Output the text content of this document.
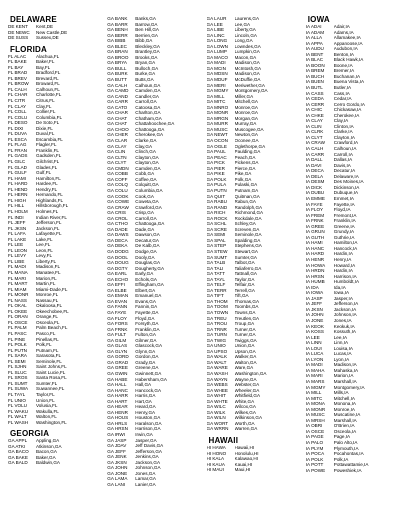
DELAWARE
DE KENT	Kent,DE
DE NEWC	New Castle,DE
DE SUSS	Sussex,DE
FLORIDA
FL ALAC	Alachua,FL
FL BAKE	Baker,FL
FL BAY	Bay,FL
FL BRAD	Bradford,FL
FL BREV	Brevard,FL
FL BROW	Broward,FL
FL CALH	Calhoun,FL
FL CHAR	Charlotte,FL
FL CITR	Citrus,FL
FL CLAY	Clay,FL
FL COLL	Collier,FL
FL COLU	Columbia,FL
FL DESO	De Soto,FL
FL DIXI	Dixie,FL
FL DUVA	Duval,FL
FL ESCA	Escambia,FL
FL FLAG	Flagler,FL
FL FRAN	Franklin,FL
FL GADS	Gadsden,FL
FL GILC	Gilchrist,FL
FL GLAD	Glades,FL
FL GULF	Gulf,FL
FL HAMI	Hamilton,FL
FL HARD	Hardee,FL
FL HEND	Hendry,FL
FL HERN	Hernando,FL
FL HIGH	Highlands,FL
FL HILL	Hillsborough,FL
FL HOLM	Holmes,FL
FL INDI	Indian River,FL
FL JEFF	Jefferson,FL
FL JKSN	Jackson,FL
FL LAFA	Lafayette,FL
FL LAKE	Lake,FL
FL LEE	Lee,FL
FL LEON	Leon,FL
FL LEVY	Levy,FL
FL LIBE	Liberty,FL
FL MADI	Madison,FL
FL MANA	Manatee,FL
FL MARI	Marion,FL
FL MART	Martin,FL
FL MIAM	Miami-Dade,FL
FL MONR	Monroe,FL
FL NASS	Nassau,FL
FL OKAL	Okaloosa,FL
FL OKEE	Okeechobee,FL
FL ORAN	Orange,FL
FL OSCE	Osceola,FL
FL PALM	Palm Beach,FL
FL PASC	Pasco,FL
FL PINE	Pinellas,FL
FL POLK	Polk,FL
FL PUTN	Putnam,FL
FL SARA	Sarasota,FL
FL SEMI	Seminole,FL
FL SJHN	Saint Johns,FL
FL SLUC	Saint Lucie,FL
FL SROS	Santa Rosa,FL
FL SUMT	Sumter,FL
FL SUWA	Suwannee,FL
FL TAYL	Taylor,FL
FL UNIO	Union,FL
FL VOLU	Volusia,FL
FL WAKU	Wakulla,FL
FL WALT	Walton,FL
FL WASH	Washington,FL
GEORGIA
GA APPL	Appling,GA
GA ATKI	Atkinson,GA
GA BACO	Bacon,GA
GA BAKE	Baker,GA
GA BALD	Baldwin,GA
GA BANK	Banks,GA
GA BARR	Barrow,GA
GA BENH	Ben Hill,GA
GA BERR	Berrien,GA
GA BIBB	Bibb,GA
GA BLEC	Bleckley,GA
GA BRAN	Brantley,GA
GA BROO	Brooks,GA
GA BRYA	Bryan,GA
GA BULL	Bulloch,GA
GA BURK	Burke,GA
GA BUTT	Butts,GA
GA CALH	Calhoun,GA
GA CAMD	Camden,GA
GA CAND	Candler,GA
GA CARR	Carroll,GA
GA CATO	Catoosa,GA
GA CHAR	Charlton,GA
GA CHAT	Chatham,GA
GA CHAT	Chattahoochee,GA
GA CHOO	Chattooga,GA
GA CHER	Cherokee,GA
GA CLAR	Clarke,GA
GA CLAY	Clay,GA
GA CLIN	Clinch,GA
GA CLTN	Clayton,GA
GA CLYT	Clayton,GA
GA CMDN	Camden,GA
GA COBB	Cobb,GA
GA COFF	Coffee,GA
GA COLQ	Colquitt,GA
GA COLU	Columbia,GA
GA COOK	Cook,GA
GA COWE	Coweta,GA
GA CRAW	Crawford,GA
GA CRIS	Crisp,GA
GA CROL	Carroll,GA
GA CTHO	Chattooga,GA
GA DADE	Dade,GA
GA DAWS	Dawson,GA
GA DECA	Decatur,GA
GA DEKA	De Kalb,GA
GA DODG	Dodge,GA
GA DOOL	Dooly,GA
GA DOUG	Douglas,GA
GA DGTY	Dougherty,GA
GA EARL	Early,GA
GA ECHO	Echols,GA
GA EFFI	Effingham,GA
GA ELBE	Elbert,GA
GA EMAN	Emanuel,GA
GA EVAN	Evans,GA
GA FANN	Fannin,GA
GA FAYE	Fayette,GA
GA FLOY	Floyd,GA
GA FORS	Forsyth,GA
GA FRNK	Franklin,GA
GA FULT	Fulton,GA
GA GILM	Gilmer,GA
GA GLAS	Glascock,GA
GA GLYN	Glynn,GA
GA GORD	Gordon,GA
GA GRAD	Grady,GA
GA GREE	Greene,GA
GA GWIN	Gwinnett,GA
GA HABE	Habersham,GA
GA HALL	Hall,GA
GA HANC	Hancock,GA
GA HARR	Harris,GA
GA HART	Hart,GA
GA HEAR	Heard,GA
GA HENR	Henry,GA
GA HOUS	Houston,GA
GA HRLS	Haralson,GA
GA HRSN	Harrison,GA
GA IRWI	Irwin,GA
GA JASP	Jasper,GA
GA JDAV	Jeff Davis,GA
GA JEFF	Jefferson,GA
GA JENK	Jenkins,GA
GA JKSN	Jackson,GA
GA JOHN	Johnson,GA
GA JONE	Jones,GA
GA LAMA	Lamar,GA
GA LANI	Lanier,GA
GA LAUR	Laurens,GA
GA LEE	Lee,GA
GA LIBE	Liberty,GA
GA LINC	Lincoln,GA
GA LONG	Long,GA
GA LOWN	Lowndes,GA
GA LUMP	Lumpkin,GA
GA MACO	Macon,GA
GA MADI	Madison,GA
GA MCIN	McIntosh,GA
GA MDSN	Madison,GA
GA MDUF	McDuffie,GA
GA MERI	Meriwether,GA
GA MGMY	Montgomery,GA
GA MILL	Miller,GA
GA MITC	Mitchell,GA
GA MNRO	Monroe,GA
GA MONR	Monroe,GA
GA MRGN	Morgan,GA
GA MURR	Murray,GA
GA MUSC	Muscogee,GA
GA NEWT	Newton,GA
GA OCON	Oconee,GA
GA OGLE	Oglethorpe,GA
GA PAUL	Paulding,GA
GA PEAC	Peach,GA
GA PICK	Pickens,GA
GA PIER	Pierce,GA
GA PIKE	Pike,GA
GA POLK	Polk,GA
GA PULA	Pulaski,GA
GA PUTN	Putnam,GA
GA QUIT	Quitman,GA
GA RABU	Rabun,GA
GA RAND	Randolph,GA
GA RICH	Richmond,GA
GA ROCK	Rockdale,GA
GA SCHL	Schley,GA
GA SCRE	Screven,GA
GA SEMI	Seminole,GA
GA SPAL	Spalding,GA
GA STEP	Stephens,GA
GA STEW	Stewart,GA
GA SUMT	Sumter,GA
GA TALB	Talbot,GA
GA TALI	Taliaferro,GA
GA TATT	Tattnall,GA
GA TAYL	Taylor,GA
GA TELF	Telfair,GA
GA TERR	Terrell,GA
GA TIFT	Tift,GA
GA THOM	Thomas,GA
GA TOOM	Toombs,GA
GA TOWN	Towns,GA
GA TREU	Treutlen,GA
GA TROU	Troup,GA
GA TRNR	Turner,GA
GA TURN	Turner,GA
GA TWIG	Twiggs,GA
GA UNIO	Union,GA
GA UPSO	Upson,GA
GA WALK	Walker,GA
GA WALT	Walton,GA
GA WARE	Ware,GA
GA WASH	Washington,GA
GA WAYN	Wayne,GA
GA WEBS	Webster,GA
GA WHEE	Wheeler,GA
GA WHIT	Whitfield,GA
GA WHTE	White,GA
GA WILC	Wilcox,GA
GA WILK	Wilkes,GA
GA WILN	Wilkinson,GA
GA WORT	Worth,GA
GA WRRN	Warren,GA
HAWAII
HI HAWA	Hawaii,HI
HI HONO	Honolulu,HI
HI KALA	Kalawao,HI
HI KAUA	Kauai,HI
HI MAUI	Maui,HI
IOWA
IA ADAI	Adair,IA
IA ADAM	Adams,IA
IA ALLA	Allamakee,IA
IA APPA	Appanoose,IA
IA AUDU	Audubon,IA
IA BENT	Benton,IA
IA BLAC	Black Hawk,IA
IA BOON	Boone,IA
IA BREM	Bremer,IA
IA BUCH	Buchanan,IA
IA BUEN	Buena Vista,IA
IA BUTL	Butler,IA
IA CASS	Cass,IA
IA CEDA	Cedar,IA
IA CERR	Cerro Gordo,IA
IA CHIC	Chickasaw,IA
IA CHKE	Cherokee,IA
IA CLAY	Clay,IA
IA CLIN	Clinton,IA
IA CLRK	Clarke,IA
IA CLYT	Clayton,IA
IA CRAW	Crawford,IA
IA CALH	Calhoun,IA
IA CARR	Carroll,IA
IA DALL	Dallas,IA
IA DAVI	Davis,IA
IA DECA	Decatur,IA
IA DELA	Delaware,IA
IA DESM	Des Moines,IA
IA DICK	Dickinson,IA
IA DUBU	Dubuque,IA
IA EMME	Emmet,IA
IA FAYE	Fayette,IA
IA FLOY	Floyd,IA
IA FREM	Fremont,IA
IA FRNK	Franklin,IA
IA GREE	Greene,IA
IA GRUN	Grundy,IA
IA GUTH	Guthrie,IA
IA HAMI	Hamilton,IA
IA HANC	Hancock,IA
IA HARD	Hardin,IA
IA HENR	Henry,IA
IA HOWA	Howard,IA
IA HRDN	Hardin,IA
IA HRSN	Harrison,IA
IA HUMB	Humboldt,IA
IA IDA	Ida,IA
IA IOWA	Iowa,IA
IA JASP	Jasper,IA
IA JEFF	Jefferson,IA
IA JKSN	Jackson,IA
IA JOHN	Johnson,IA
IA JONE	Jones,IA
IA KEOK	Keokuk,IA
IA KOSS	Kossuth,IA
IA LEE	Lee,IA
IA LINN	Linn,IA
IA LOUI	Louisa,IA
IA LUCA	Lucas,IA
IA LYON	Lyon,IA
IA MADI	Madison,IA
IA MAHA	Mahaska,IA
IA MARI	Marion,IA
IA MARS	Marshall,IA
IA MGMY	Montgomery,IA
IA MILL	Mills,IA
IA MITC	Mitchell,IA
IA MONA	Monona,IA
IA MONR	Monroe,IA
IA MUSC	Muscatine,IA
IA MRSH	Marshall,IA
IA OBRI	O'Brien,IA
IA OSCE	Osceola,IA
IA PAGE	Page,IA
IA PALO	Palo Alto,IA
IA PLYM	Plymouth,IA
IA POCA	Pocahontas,IA
IA POLK	Polk,IA
IA POTT	Pottawattamie,IA
IA POWE	Poweshiek,IA
